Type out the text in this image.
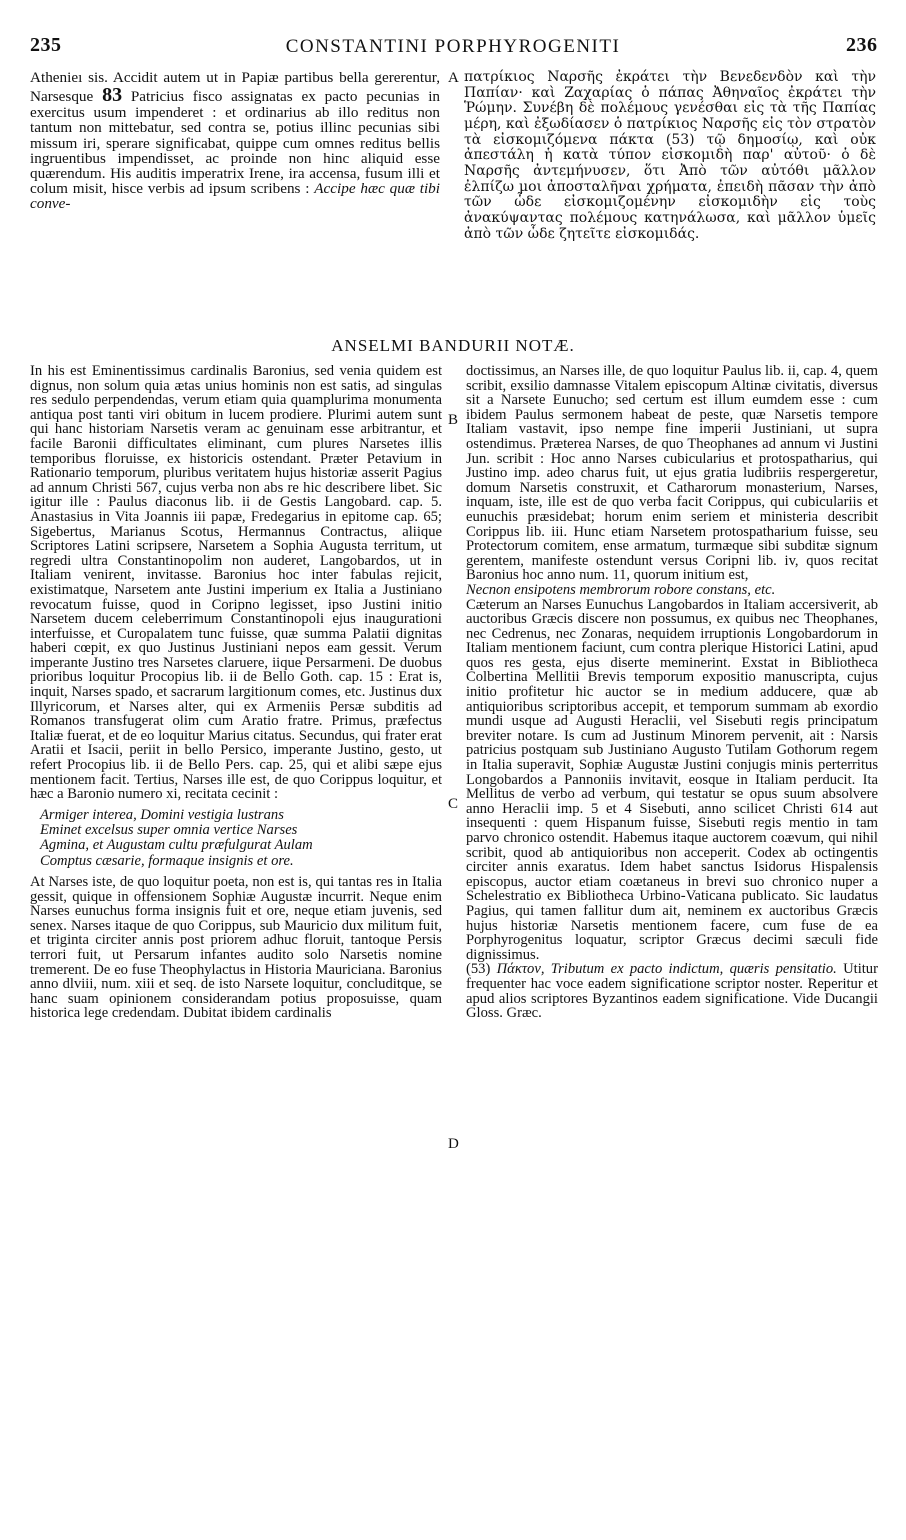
235	CONSTANTINI PORPHYROGENITI	236
Athenieı sis. Accidit autem ut in Papiæ partibus bella gererentur, Narsesque 83 Patricius fisco assignatas ex pacto pecunias in exercitus usum impenderet : et ordinarius ab illo reditus non tantum non mittebatur, sed contra se, potius illinc pecunias sibi missum iri, sperare significabat, quippe cum omnes reditus bellis ingruentibus impendisset, ac proinde non hinc aliquid esse quærendum. His auditis imperatrix Irene, ira accensa, fusum illi et colum misit, hisce verbis ad ipsum scribens : Accipe hæc quæ tibi conve-
A πατρίκιος Ναρσῆς ἐκράτει τὴν Βενεδενδὸν καὶ τὴν Παπίαν· καὶ Ζαχαρίας ὁ πάπας Ἀθηναῖος ἐκράτει τὴν Ῥώμην. Συνέβη δὲ πολέμους γενέσθαι εἰς τὰ τῆς Παπίας μέρη, καὶ ἐξωδίασεν ὁ πατρίκιος Ναρσῆς εἰς τὸν στρατὸν τὰ εἰσκομιζόμενα πάκτα (53) τῷ δημοσίῳ, καὶ οὐκ ἀπεστάλη ἡ κατὰ τύπον εἰσκομιδὴ παρ' αὐτοῦ· ὁ δὲ Ναρσῆς ἀντεμήνυσεν, ὅτι Ἀπὸ τῶν αὐτόθι μᾶλλον ἐλπίζω μοι ἀποσταλῆναι χρήματα, ἐπειδὴ πᾶσαν τὴν ἀπὸ τῶν ὧδε εἰσκομιζομένην εἰσκομιδὴν εἰς τοὺς ἀνακύψαντας πολέμους κατηνάλωσα, καὶ μᾶλλον ὑμεῖς ἀπὸ τῶν ὧδε ζητεῖτε εἰσκομιδάς.
ANSELMI BANDURII NOTÆ.

In his est Eminentissimus cardinalis Baronius, sed venia quidem est dignus, non solum quia ætas unius hominis non est satis, ad singulas res sedulo perpendendas, verum etiam quia quamplurima monumenta antiqua post tanti viri obitum in lucem prodiere. Plurimi autem sunt qui hanc historiam Narsetis veram ac genuinam esse arbitrantur, et facile Baronii difficultates eliminant, cum plures Narsetes illis temporibus floruisse, ex historicis ostendant. Præter Petavium in Rationario temporum, pluribus veritatem hujus historiæ asserit Pagius ad annum Christi 567, cujus verba non abs re hic describere libet. Sic igitur ille : Paulus diaconus lib. ii de Gestis Langobard. cap. 5. Anastasius in Vita Joannis iii papæ, Fredegarius in epitome cap. 65; Sigebertus, Marianus Scotus, Hermannus Contractus, aliique Scriptores Latini scripsere, Narsetem a Sophia Augusta territum, ut regredi ultra Constantinopolim non auderet, Langobardos, ut in Italiam venirent, invitasse. Baronius hoc inter fabulas rejicit, existimatque, Narsetem ante Justini imperium ex Italia a Justiniano revocatum fuisse, quod in Coripno legisset, ipso Justini initio Narsetem ducem celeberrimum Constantinopoli ejus inaugurationi interfuisse, et Curopalatem tunc fuisse, quæ summa Palatii dignitas haberi cœpit, ex quo Justinus Justiniani nepos eam gessit. Verum imperante Justino tres Narsetes claruere, iique Persarmeni. De duobus prioribus loquitur Procopius lib. ii de Bello Goth. cap. 15 : Erat is, inquit, Narses spado, et sacrarum largitionum comes, etc. Justinus dux Illyricorum, et Narses alter, qui ex Armeniis Persæ subditis ad Romanos transfugerat olim cum Aratio fratre. Primus, præfectus Italiæ fuerat, et de eo loquitur Marius citatus. Secundus, qui frater erat Aratii et Isacii, periit in bello Persico, imperante Justino, gesto, ut refert Procopius lib. ii de Bello Pers. cap. 25, qui et alibi sæpe ejus mentionem facit. Tertius, Narses ille est, de quo Corippus loquitur, et hæc a Baronio numero xi, recitata cecinit :

Armiger interea, Domini vestigia lustrans
Eminet excelsus super omnia vertice Narses
Agmina, et Augustam cultu præfulgurat Aulam
Comptus cæsarie, formaque insignis et ore.

At Narses iste, de quo loquitur poeta, non est is, qui tantas res in Italia gessit, quique in offensionem Sophiæ Augustæ incurrit. Neque enim Narses eunuchus forma insignis fuit et ore, neque etiam juvenis, sed senex. Narses itaque de quo Corippus, sub Mauricio dux militum fuit, et triginta circiter annis post priorem adhuc floruit, tantoque Persis terrori fuit, ut Persarum infantes audito solo Narsetis nomine tremerent. De eo fuse Theophylactus in Historia Mauriciana. Baronius anno dlviii, num. xiii et seq. de isto Narsete loquitur, concluditque, se hanc suam opinionem considerandam potius proposuisse, quam historica lege credendam. Dubitat ibidem cardinalis

B
C
D

doctissimus, an Narses ille, de quo loquitur Paulus lib. ii, cap. 4, quem scribit, exsilio damnasse Vitalem episcopum Altinæ civitatis, diversus sit a Narsete Eunucho; sed certum est illum eumdem esse : cum ibidem Paulus sermonem habeat de peste, quæ Narsetis tempore Italiam vastavit, ipso nempe fine imperii Justiniani, ut supra ostendimus. Præterea Narses, de quo Theophanes ad annum vi Justini Jun. scribit : Hoc anno Narses cubicularius et protospatharius, qui Justino imp. adeo charus fuit, ut ejus gratia ludibriis respergeretur, domum Narsetis construxit, et Catharorum monasterium, Narses, inquam, iste, ille est de quo verba facit Corippus, qui cubiculariis et eunuchis præsidebat; horum enim seriem et ministeria describit Corippus lib. iii. Hunc etiam Narsetem protospatharium fuisse, seu Protectorum comitem, ense armatum, turmæque sibi subditæ signum gerentem, manifeste ostendunt versus Coripni lib. iv, quos recitat Baronius hoc anno num. 11, quorum initium est,

Necnon ensipotens membrorum robore constans, etc.

Cæterum an Narses Eunuchus Langobardos in Italiam accersiverit, ab auctoribus Græcis discere non possumus, ex quibus nec Theophanes, nec Cedrenus, nec Zonaras, nequidem irruptionis Longobardorum in Italiam mentionem faciunt, cum contra plerique Historici Latini, apud quos res gesta, ejus diserte meminerint. Exstat in Bibliotheca Colbertina Mellitii Brevis temporum expositio manuscripta, cujus initio profitetur hic auctor se in medium adducere, quæ ab antiquioribus scriptoribus accepit, et temporum summam ab exordio mundi usque ad Augusti Heraclii, vel Sisebuti regis principatum breviter notare. Is cum ad Justinum Minorem pervenit, ait : Narsis patricius postquam sub Justiniano Augusto Tutilam Gothorum regem in Italia superavit, Sophiæ Augustæ Justini conjugis minis perterritus Longobardos a Pannoniis invitavit, eosque in Italiam perducit. Ita Mellitus de verbo ad verbum, qui testatur se opus suum absolvere anno Heraclii imp. 5 et 4 Sisebuti, anno scilicet Christi 614 aut insequenti : quem Hispanum fuisse, Sisebuti regis mentio in tam parvo chronico ostendit. Habemus itaque auctorem coævum, qui nihil scribit, quod ab antiquioribus non acceperit. Codex ab octingentis circiter annis exaratus. Idem habet sanctus Isidorus Hispalensis episcopus, auctor etiam coætaneus in brevi suo chronico nuper a Schelestratio ex Bibliotheca Urbino-Vaticana publicato. Sic laudatus Pagius, qui tamen fallitur dum ait, neminem ex auctoribus Græcis hujus historiæ Narsetis mentionem facere, cum fuse de ea Porphyrogenitus loquatur, scriptor Græcus decimi sæculi fide dignissimus.

(53) Πάκτον, Tributum ex pacto indictum, quæris pensitatio. Utitur frequenter hac voce eadem significatione scriptor noster. Reperitur et apud alios scriptores Byzantinos eadem significatione. Vide Ducangii Gloss. Græc.
